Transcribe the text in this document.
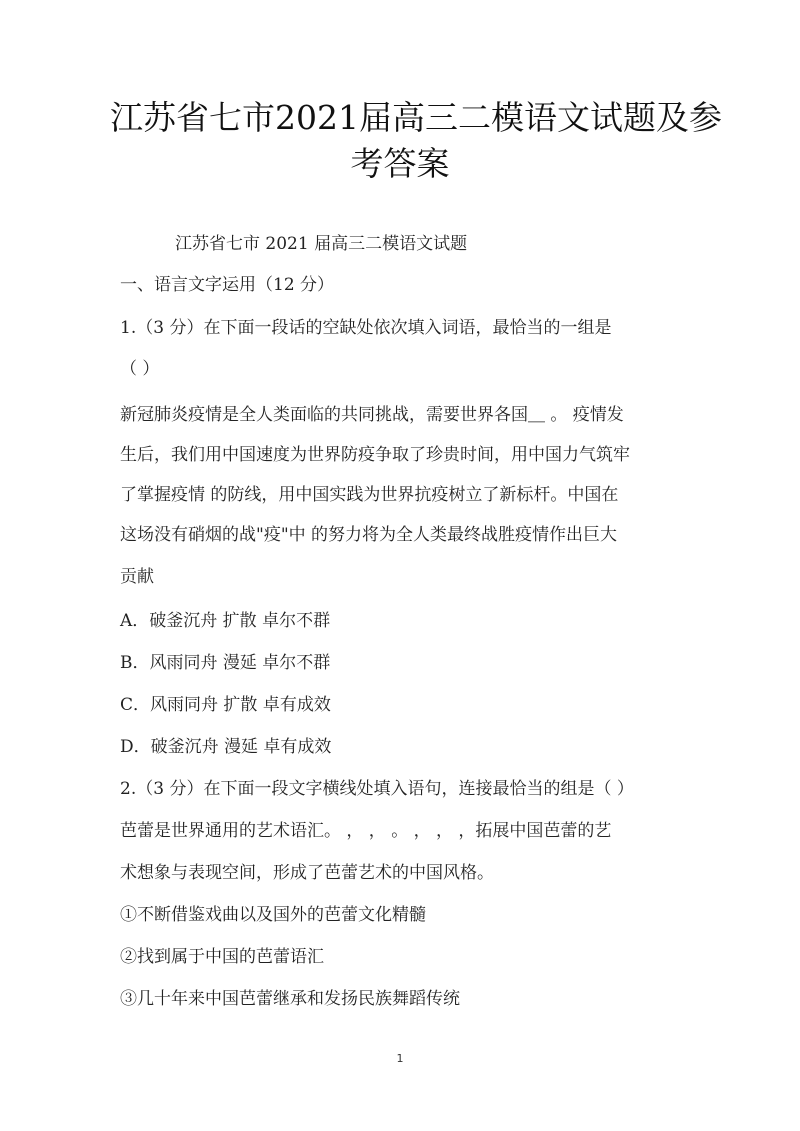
江苏省七市2021届高三二模语文试题及参
考答案
江苏省七市 2021 届高三二模语文试题
一、语言文字运用（12 分）
1.（3 分）在下面一段话的空缺处依次填入词语，最恰当的一组是
（ ）
新冠肺炎疫情是全人类面临的共同挑战，需要世界各国＿ 。 疫情发
生后，我们用中国速度为世界防疫争取了珍贵时间，用中国力气筑牢
了掌握疫情 的防线，用中国实践为世界抗疫树立了新标杆。中国在
这场没有硝烟的战"疫"中 的努力将为全人类最终战胜疫情作出巨大
贡献
A．破釜沉舟 扩散 卓尔不群
B．风雨同舟 漫延 卓尔不群
C．风雨同舟 扩散 卓有成效
D．破釜沉舟 漫延 卓有成效
2.（3 分）在下面一段文字横线处填入语句，连接最恰当的组是（ ）
芭蕾是世界通用的艺术语汇。 ， ， 。 ， ， ，拓展中国芭蕾的艺
术想象与表现空间，形成了芭蕾艺术的中国风格。
①不断借鉴戏曲以及国外的芭蕾文化精髓
②找到属于中国的芭蕾语汇
③几十年来中国芭蕾继承和发扬民族舞蹈传统
1
